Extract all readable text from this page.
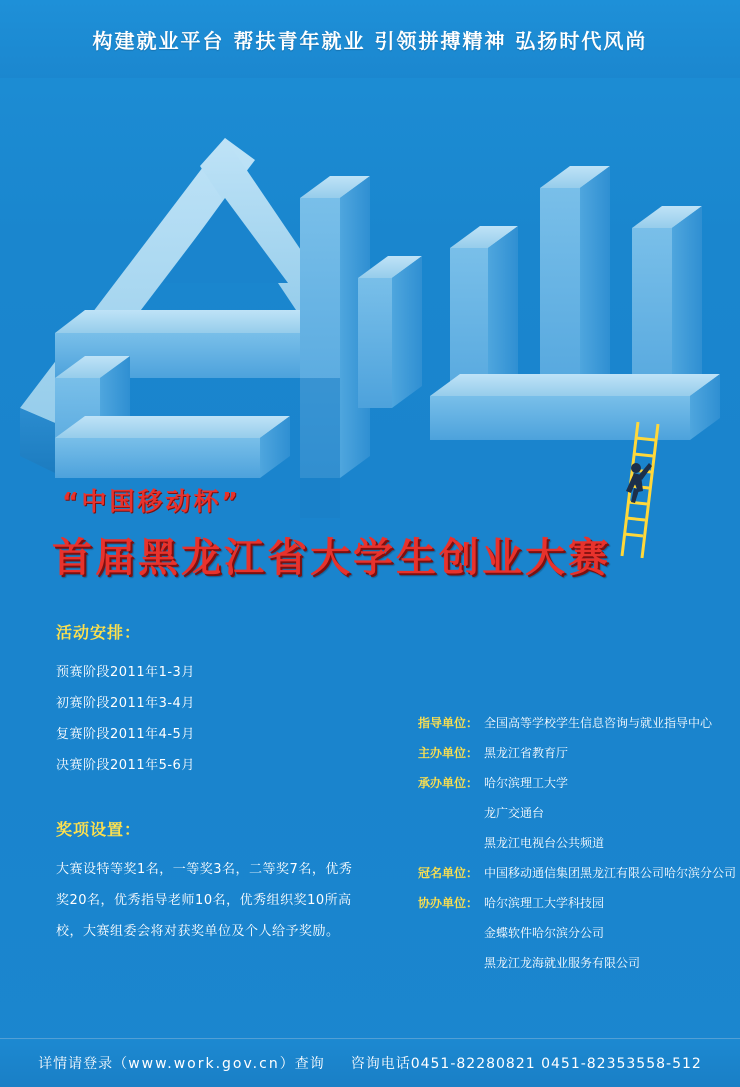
构建就业平台 帮扶青年就业 引领拼搏精神 弘扬时代风尚
“中国移动杯”
首届黑龙江省大学生创业大赛
活动安排：
预赛阶段2011年1-3月
初赛阶段2011年3-4月
复赛阶段2011年4-5月
决赛阶段2011年5-6月
奖项设置：
大赛设特等奖1名，一等奖3名，二等奖7名，优秀奖20名，优秀指导老师10名，优秀组织奖10所高校，大赛组委会将对获奖单位及个人给予奖励。
指导单位： 全国高等学校学生信息咨询与就业指导中心
主办单位： 黑龙江省教育厅
承办单位： 哈尔滨理工大学
龙广交通台
黑龙江电视台公共频道
冠名单位： 中国移动通信集团黑龙江有限公司哈尔滨分公司
协办单位： 哈尔滨理工大学科技园
金蝶软件哈尔滨分公司
黑龙江龙海就业服务有限公司
详情请登录（www.work.gov.cn）查询 咨询电话0451-82280821 0451-82353558-512
